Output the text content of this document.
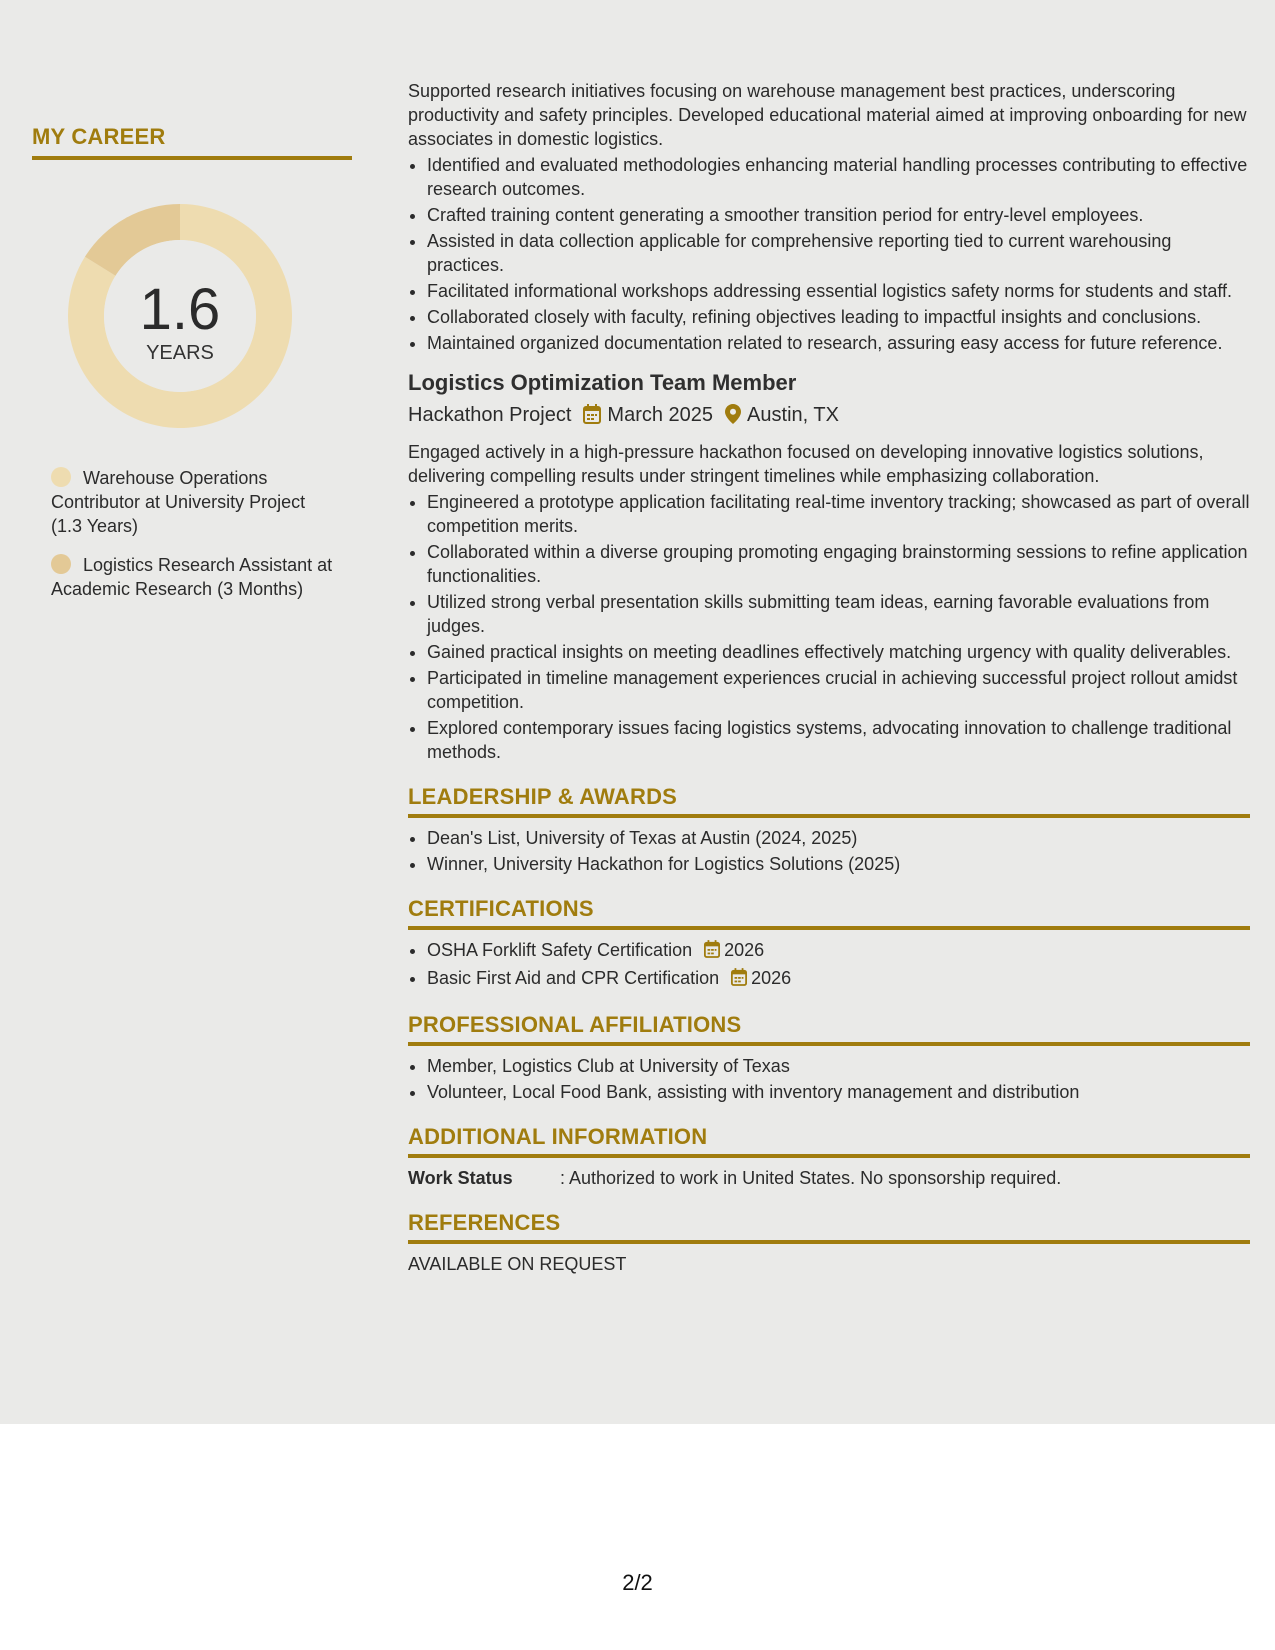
MY CAREER
1.6
YEARS
Warehouse Operations Contributor at University Project (1.3 Years)
Logistics Research Assistant at Academic Research (3 Months)

Supported research initiatives focusing on warehouse management best practices, underscoring productivity and safety principles. Developed educational material aimed at improving onboarding for new associates in domestic logistics.

• Identified and evaluated methodologies enhancing material handling processes contributing to effective research outcomes.
• Crafted training content generating a smoother transition period for entry-level employees.
• Assisted in data collection applicable for comprehensive reporting tied to current warehousing practices.
• Facilitated informational workshops addressing essential logistics safety norms for students and staff.
• Collaborated closely with faculty, refining objectives leading to impactful insights and conclusions.
• Maintained organized documentation related to research, assuring easy access for future reference.
Logistics Optimization Team Member
Hackathon Project March 2025 Austin, TX

Engaged actively in a high-pressure hackathon focused on developing innovative logistics solutions, delivering compelling results under stringent timelines while emphasizing collaboration.

• Engineered a prototype application facilitating real-time inventory tracking; showcased as part of overall competition merits.
• Collaborated within a diverse grouping promoting engaging brainstorming sessions to refine application functionalities.
• Utilized strong verbal presentation skills submitting team ideas, earning favorable evaluations from judges.
• Gained practical insights on meeting deadlines effectively matching urgency with quality deliverables.
• Participated in timeline management experiences crucial in achieving successful project rollout amidst competition.
• Explored contemporary issues facing logistics systems, advocating innovation to challenge traditional methods.
LEADERSHIP & AWARDS
• Dean's List, University of Texas at Austin (2024, 2025)
• Winner, University Hackathon for Logistics Solutions (2025)
CERTIFICATIONS
• OSHA Forklift Safety Certification 2026
• Basic First Aid and CPR Certification 2026
PROFESSIONAL AFFILIATIONS
• Member, Logistics Club at University of Texas
• Volunteer, Local Food Bank, assisting with inventory management and distribution
ADDITIONAL INFORMATION
Work Status	: Authorized to work in United States. No sponsorship required.
REFERENCES
AVAILABLE ON REQUEST
2/2
